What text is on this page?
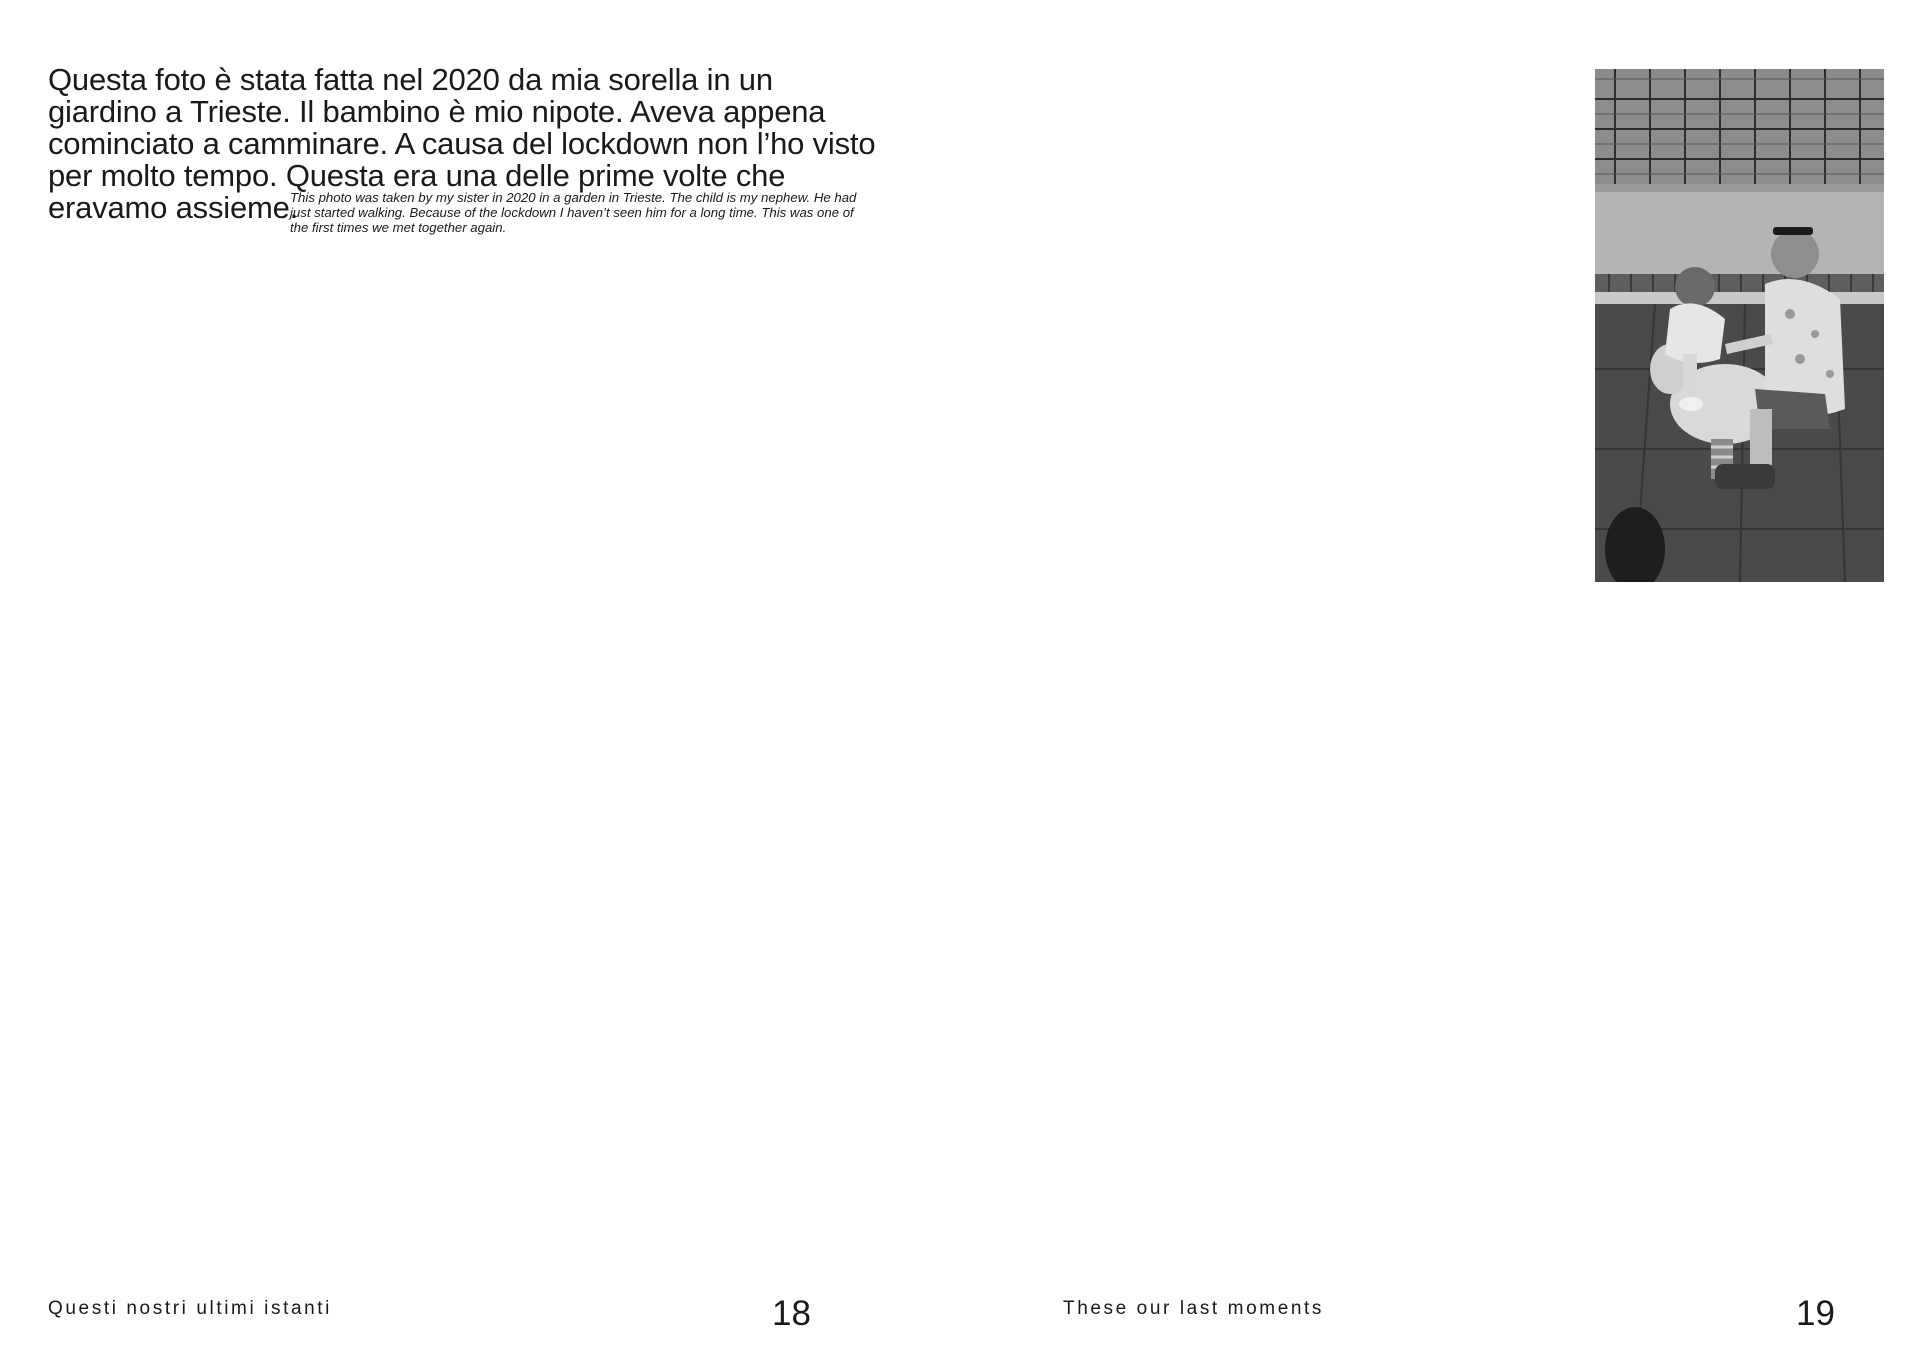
Questa foto è stata fatta nel 2020 da mia sorella in un giardino a Trieste. Il bambino è mio nipote. Aveva appena cominciato a camminare. A causa del lockdown non l’ho visto per molto tempo. Questa era una delle prime volte che eravamo assieme.

This photo was taken by my sister in 2020 in a garden in Trieste. The child is my nephew. He had just started walking. Because of the lockdown I haven’t seen him for a long time. This was one of the first times we met together again.

Questi nostri ultimi istanti	18	These our last moments	19
